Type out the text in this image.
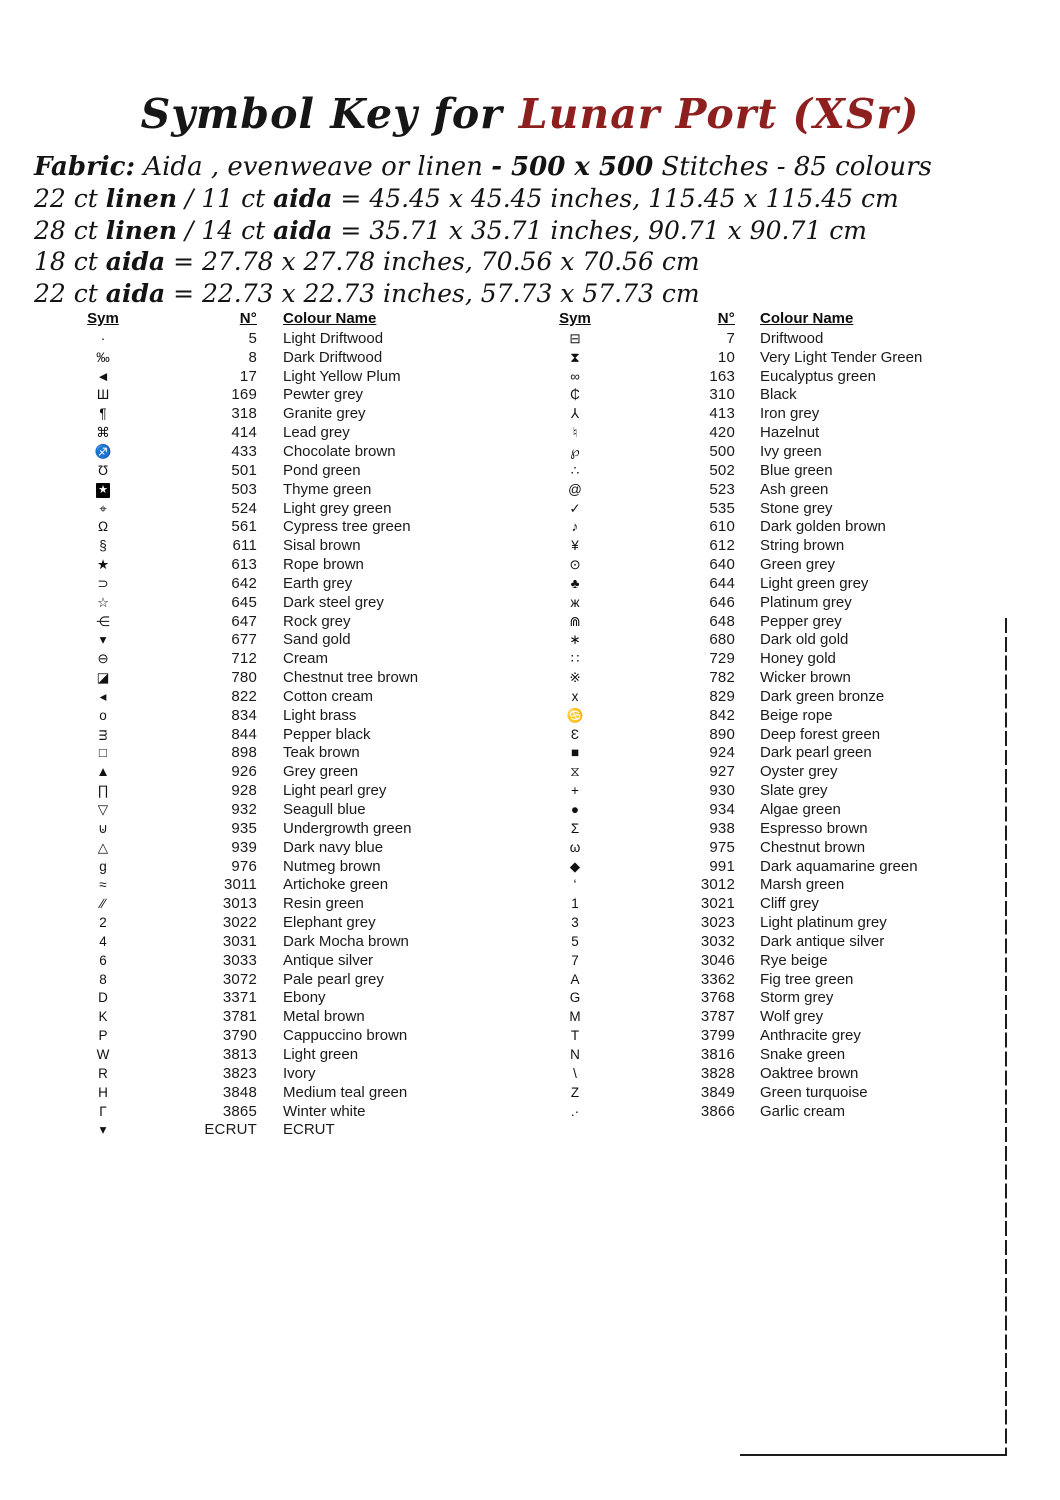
Symbol Key for Lunar Port (XSr)
Fabric: Aida , evenweave or linen - 500 x 500 Stitches - 85 colours
22 ct linen / 11 ct aida = 45.45 x 45.45 inches, 115.45 x 115.45 cm
28 ct linen / 14 ct aida = 35.71 x 35.71 inches, 90.71 x 90.71 cm
18 ct aida = 27.78 x 27.78 inches, 70.56 x 70.56 cm
22 ct aida = 22.73 x 22.73 inches, 57.73 x 57.73 cm
Sym	N°	Colour Name
·	5	Light Driftwood
‰	8	Dark Driftwood
◄	17	Light Yellow Plum
Ш	169	Pewter grey
¶	318	Granite grey
⌘	414	Lead grey
♐	433	Chocolate brown
Ʊ	501	Pond green
★	503	Thyme green
⌖	524	Light grey green
Ω	561	Cypress tree green
§	611	Sisal brown
★	613	Rope brown
⊃	642	Earth grey
☆	645	Dark steel grey
⋲	647	Rock grey
▾	677	Sand gold
⊖	712	Cream
◪	780	Chestnut tree brown
◂	822	Cotton cream
o	834	Light brass
ᴟ	844	Pepper black
□	898	Teak brown
▲	926	Grey green
∏	928	Light pearl grey
▽	932	Seagull blue
⊍	935	Undergrowth green
△	939	Dark navy blue
g	976	Nutmeg brown
≈	3011	Artichoke green
∕∕	3013	Resin green
2	3022	Elephant grey
4	3031	Dark Mocha brown
6	3033	Antique silver
8	3072	Pale pearl grey
D	3371	Ebony
K	3781	Metal brown
P	3790	Cappuccino brown
W	3813	Light green
R	3823	Ivory
H	3848	Medium teal green
Γ	3865	Winter white
▾	ECRUT	ECRUT
Sym	N°	Colour Name
⊟	7	Driftwood
⧗	10	Very Light Tender Green
∞	163	Eucalyptus green
₵	310	Black
⅄	413	Iron grey
♮	420	Hazelnut
℘	500	Ivy green
∴	502	Blue green
@	523	Ash green
✓	535	Stone grey
♪	610	Dark golden brown
¥	612	String brown
⊙	640	Green grey
♣	644	Light green grey
ж	646	Platinum grey
⋒	648	Pepper grey
∗	680	Dark old gold
∷	729	Honey gold
※	782	Wicker brown
x	829	Dark green bronze
♋	842	Beige rope
Ɛ	890	Deep forest green
■	924	Dark pearl green
⧖	927	Oyster grey
+	930	Slate grey
●	934	Algae green
Σ	938	Espresso brown
ω	975	Chestnut brown
◆	991	Dark aquamarine green
‘	3012	Marsh green
1	3021	Cliff grey
3	3023	Light platinum grey
5	3032	Dark antique silver
7	3046	Rye beige
A	3362	Fig tree green
G	3768	Storm grey
M	3787	Wolf grey
T	3799	Anthracite grey
N	3816	Snake green
\	3828	Oaktree brown
Z	3849	Green turquoise
.·	3866	Garlic cream
